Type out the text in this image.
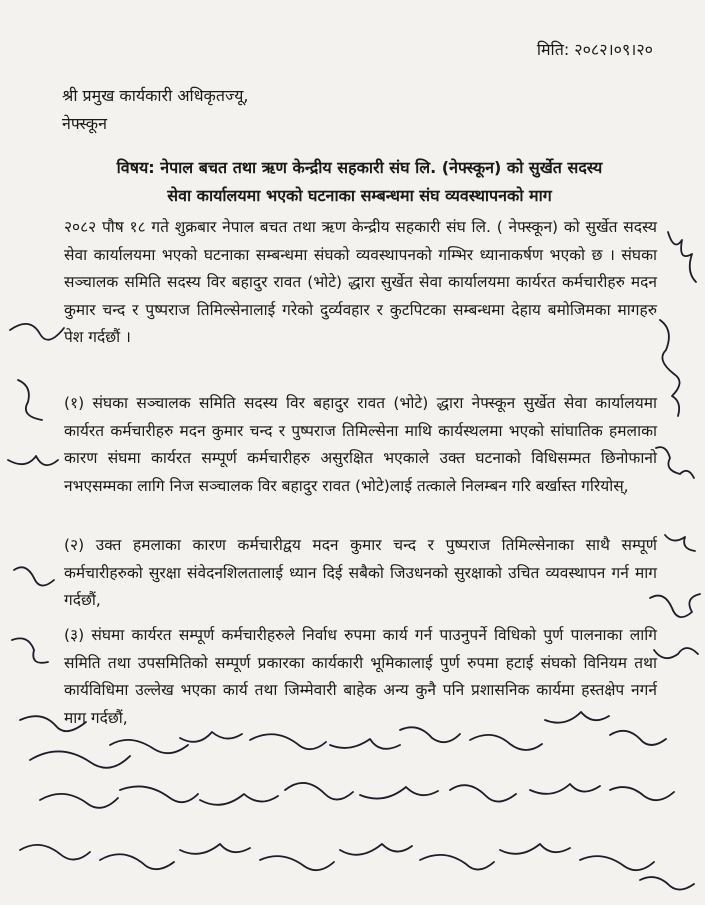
मिति: २०८२।०९।२०
श्री प्रमुख कार्यकारी अधिकृतज्यू,
नेफ्स्कून
विषय: नेपाल बचत तथा ऋण केन्द्रीय सहकारी संघ लि. (नेफ्स्कून) को सुर्खेत सदस्य
सेवा कार्यालयमा भएको घटनाका सम्बन्धमा संघ व्यवस्थापनको माग
२०८२ पौष १८ गते शुक्रबार नेपाल बचत तथा ऋण केन्द्रीय सहकारी संघ लि. ( नेफ्स्कून) को सुर्खेत सदस्य सेवा कार्यालयमा भएको घटनाका सम्बन्धमा संघको व्यवस्थापनको गम्भिर ध्यानाकर्षण भएको छ । संघका सञ्चालक समिति सदस्य विर बहादुर रावत (भोटे) द्धारा सुर्खेत सेवा कार्यालयमा कार्यरत कर्मचारीहरु मदन कुमार चन्द र पुष्पराज तिमिल्सेनालाई गरेको दुर्व्यवहार र कुटपिटका सम्बन्धमा देहाय बमोजिमका मागहरु पेश गर्दछौं ।
(१) संघका सञ्चालक समिति सदस्य विर बहादुर रावत (भोटे) द्धारा नेफ्स्कून सुर्खेत सेवा कार्यालयमा कार्यरत कर्मचारीहरु मदन कुमार चन्द र पुष्पराज तिमिल्सेना माथि कार्यस्थलमा भएको सांघातिक हमलाका कारण संघमा कार्यरत सम्पूर्ण कर्मचारीहरु असुरक्षित भएकाले उक्त घटनाको विधिसम्मत छिनोफानो नभएसम्मका लागि निज सञ्चालक विर बहादुर रावत (भोटे)लाई तत्काले निलम्बन गरि बर्खास्त गरियोस्,
(२) उक्त हमलाका कारण कर्मचारीद्वय मदन कुमार चन्द र पुष्पराज तिमिल्सेनाका साथै सम्पूर्ण कर्मचारीहरुको सुरक्षा संवेदनशिलतालाई ध्यान दिई सबैको जिउधनको सुरक्षाको उचित व्यवस्थापन गर्न माग गर्दछौं,
(३) संघमा कार्यरत सम्पूर्ण कर्मचारीहरुले निर्वाध रुपमा कार्य गर्न पाउनुपर्ने विधिको पुर्ण पालनाका लागि समिति तथा उपसमितिको सम्पूर्ण प्रकारका कार्यकारी भूमिकालाई पुर्ण रुपमा हटाई संघको विनियम तथा कार्यविधिमा उल्लेख भएका कार्य तथा जिम्मेवारी बाहेक अन्य कुनै पनि प्रशासनिक कार्यमा हस्तक्षेप नगर्न माग गर्दछौं,
